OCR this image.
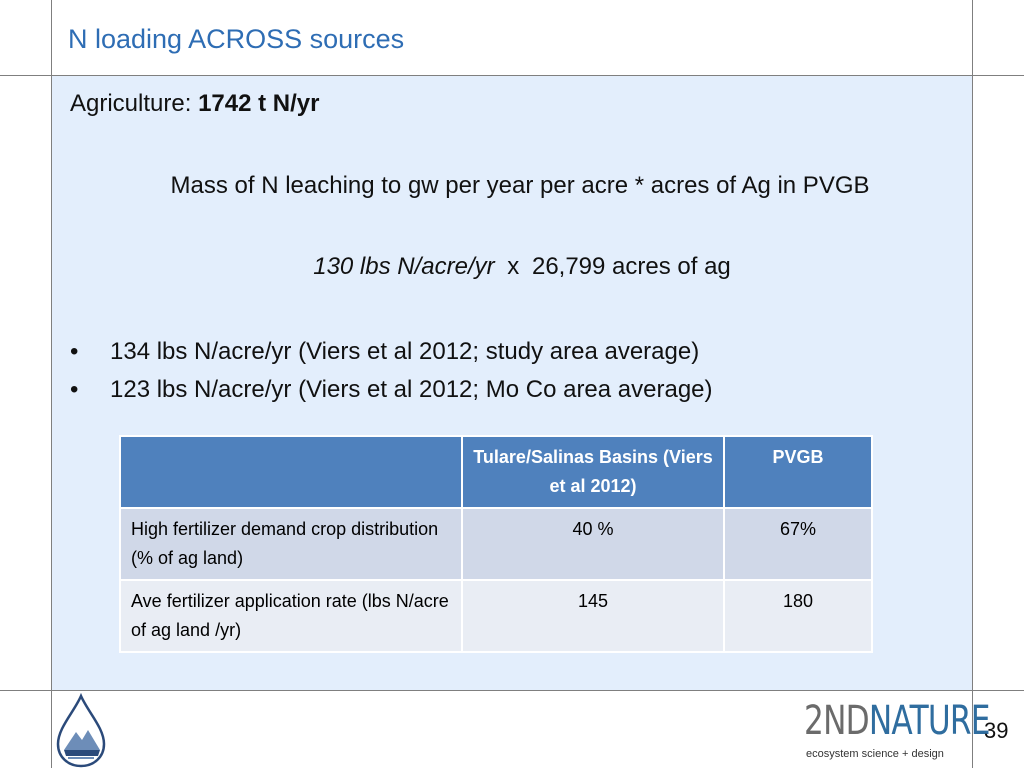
N loading ACROSS sources
Agriculture: 1742 t N/yr
Mass of N leaching to gw per year per acre * acres of Ag in PVGB
130 lbs N/acre/yr x 26,799 acres of ag
• 134 lbs N/acre/yr (Viers et al 2012; study area average)
• 123 lbs N/acre/yr (Viers et al 2012; Mo Co area average)
	Tulare/Salinas Basins (Viers et al 2012)	PVGB
High fertilizer demand crop distribution (% of ag land)	40 %	67%
Ave fertilizer application rate (lbs N/acre of ag land /yr)	145	180
2NDNATURE
ecosystem science + design
39
